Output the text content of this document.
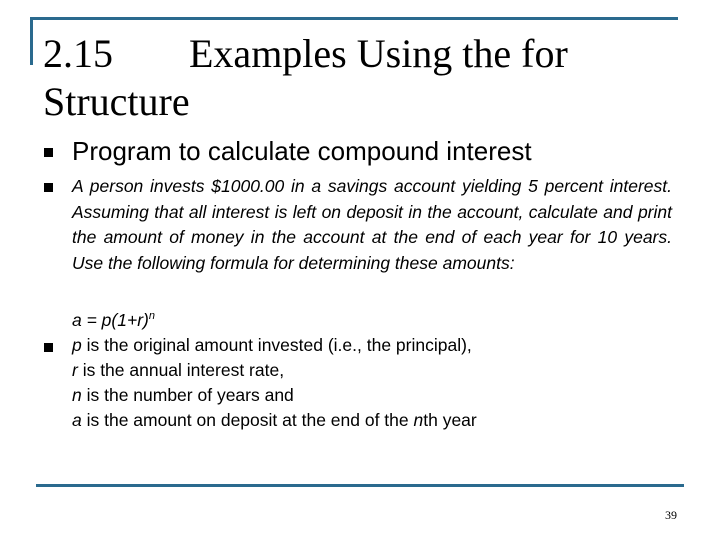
2.15 Examples Using the for
Structure
Program to calculate compound interest
A person invests $1000.00 in a savings account yielding 5 percent interest. Assuming that all interest is left on deposit in the account, calculate and print the amount of money in the account at the end of each year for 10 years. Use the following formula for determining these amounts:
$a = p(1+r)^n$
p is the original amount invested (i.e., the principal),
r is the annual interest rate,
n is the number of years and
a is the amount on deposit at the end of the nth year
39
